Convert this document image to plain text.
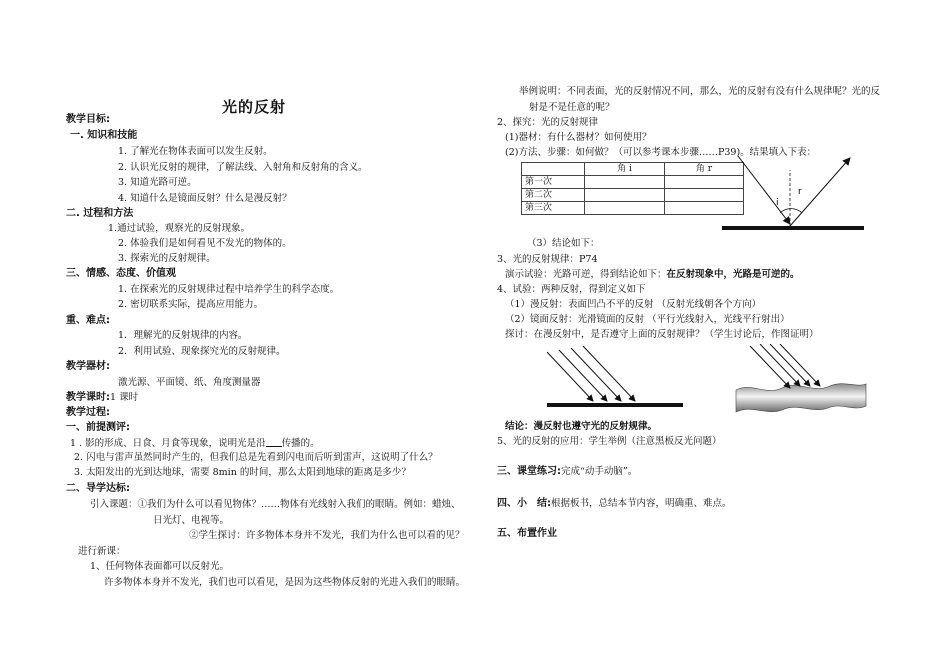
光的反射
教学目标:
一. 知识和技能
1. 了解光在物体表面可以发生反射。
2. 认识光反射的规律，了解法线、入射角和反射角的含义。
3. 知道光路可逆。
4. 知道什么是镜面反射？什么是漫反射？
二. 过程和方法
1.通过试验，观察光的反射现象。
2. 体验我们是如何看见不发光的物体的。
3. 探索光的反射规律。
三、情感、态度、价值观
1. 在探索光的反射规律过程中培养学生的科学态度。
2. 密切联系实际，提高应用能力。
重、难点:
1．理解光的反射规律的内容。
2．利用试验、现象探究光的反射规律。
教学器材:
激光源、平面镜、纸、角度测量器
教学课时:1 课时
教学过程:
一、前提测评:
1 . 影的形成、日食、月食等现象，说明光是沿 传播的。
2. 闪电与雷声虽然同时产生的，但我们总是先看到闪电而后听到雷声，这说明了什么？
3. 太阳发出的光到达地球，需要 8min 的时间，那么太阳到地球的距离是多少？
二、导学达标:
引入课题：①我们为什么可以看见物体？……物体有光线射入我们的眼睛。例如：蜡烛、
日光灯、电视等。
②学生探讨：许多物体本身并不发光，我们为什么也可以看的见？
进行新课：
1、任何物体表面都可以反射光。
许多物体本身并不发光，我们也可以看见，是因为这些物体反射的光进入我们的眼睛。
举例说明：不同表面，光的反射情况不同，那么，光的反射有没有什么规律呢？光的反
射是不是任意的呢？
2、探究：光的反射规律
(1)器材：有什么器材？如何使用？
(2)方法、步骤：如何做？（可以参考课本步骤……P39)。结果填入下表：
	角 i	角 r
第一次		
第二次		
第三次			i
r
（3）结论如下：
3、光的反射规律：P74
演示试验：光路可逆，得到结论如下：在反射现象中，光路是可逆的。
4、试验：两种反射，得到定义如下
（1）漫反射：表面凹凸不平的反射 （反射光线朝各个方向）
（2）镜面反射：光滑镜面的反射 （平行光线射入，光线平行射出）
探讨：在漫反射中，是否遵守上面的反射规律？（学生讨论后，作图证明）
结论：漫反射也遵守光的反射规律。
5、光的反射的应用：学生举例（注意黑板反光问题）
三、课堂练习:完成“动手动脑”。
四、小　结:根据板书，总结本节内容，明确重、难点。
五、布置作业
